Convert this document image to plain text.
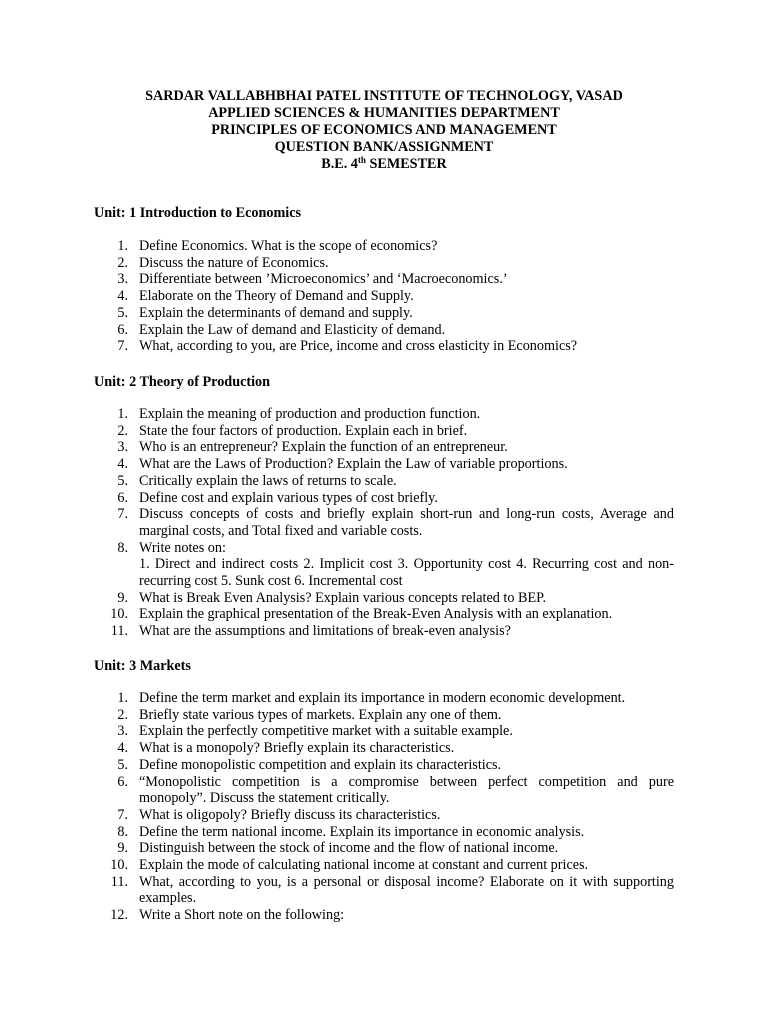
SARDAR VALLABHBHAI PATEL INSTITUTE OF TECHNOLOGY, VASAD
APPLIED SCIENCES & HUMANITIES DEPARTMENT
PRINCIPLES OF ECONOMICS AND MANAGEMENT
QUESTION BANK/ASSIGNMENT
B.E. 4th SEMESTER
Unit: 1 Introduction to Economics
1. Define Economics. What is the scope of economics?
2. Discuss the nature of Economics.
3. Differentiate between ’Microeconomics’ and ‘Macroeconomics.’
4. Elaborate on the Theory of Demand and Supply.
5. Explain the determinants of demand and supply.
6. Explain the Law of demand and Elasticity of demand.
7. What, according to you, are Price, income and cross elasticity in Economics?
Unit: 2 Theory of Production
1. Explain the meaning of production and production function.
2. State the four factors of production. Explain each in brief.
3. Who is an entrepreneur? Explain the function of an entrepreneur.
4. What are the Laws of Production? Explain the Law of variable proportions.
5. Critically explain the laws of returns to scale.
6. Define cost and explain various types of cost briefly.
7. Discuss concepts of costs and briefly explain short-run and long-run costs, Average and marginal costs, and Total fixed and variable costs.
8. Write notes on:
1. Direct and indirect costs 2. Implicit cost 3. Opportunity cost 4. Recurring cost and non-recurring cost 5. Sunk cost 6. Incremental cost
9. What is Break Even Analysis? Explain various concepts related to BEP.
10. Explain the graphical presentation of the Break-Even Analysis with an explanation.
11. What are the assumptions and limitations of break-even analysis?
Unit: 3 Markets
1. Define the term market and explain its importance in modern economic development.
2. Briefly state various types of markets. Explain any one of them.
3. Explain the perfectly competitive market with a suitable example.
4. What is a monopoly? Briefly explain its characteristics.
5. Define monopolistic competition and explain its characteristics.
6. “Monopolistic competition is a compromise between perfect competition and pure monopoly”. Discuss the statement critically.
7. What is oligopoly? Briefly discuss its characteristics.
8. Define the term national income. Explain its importance in economic analysis.
9. Distinguish between the stock of income and the flow of national income.
10. Explain the mode of calculating national income at constant and current prices.
11. What, according to you, is a personal or disposal income? Elaborate on it with supporting examples.
12. Write a Short note on the following:
